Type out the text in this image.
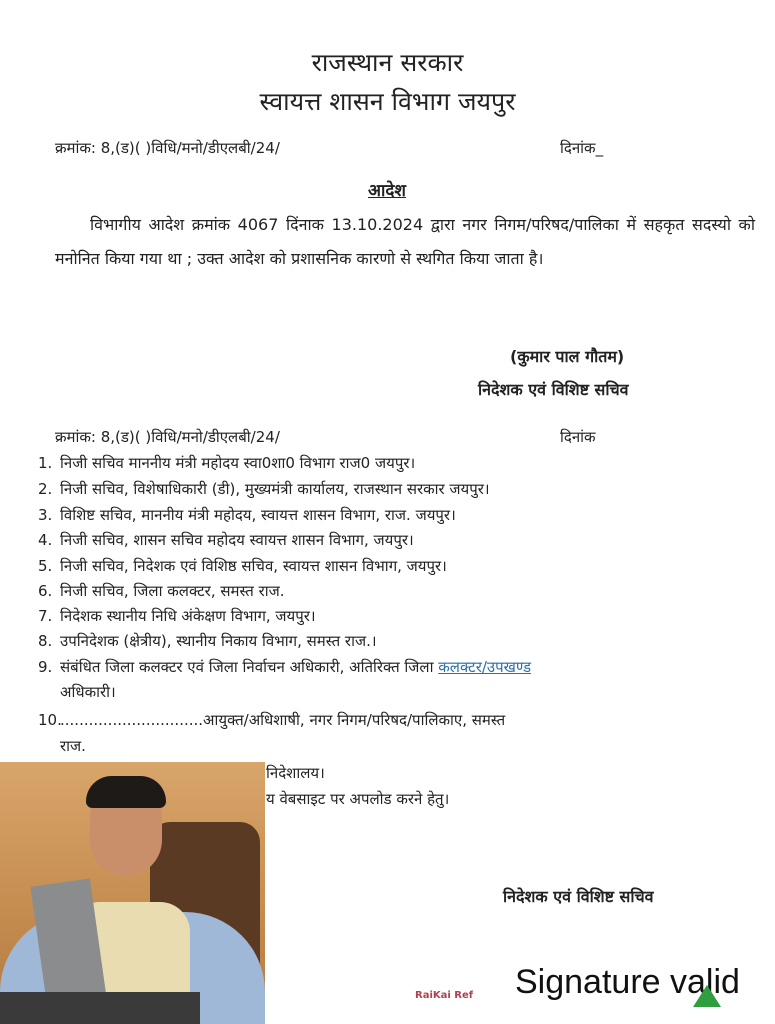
राजस्थान सरकार
स्वायत्त शासन विभाग जयपुर
क्रमांक: 8,(ड)( )विधि/मनो/डीएलबी/24/	दिनांक_
आदेश
विभागीय आदेश क्रमांक 4067 दिंनाक 13.10.2024 द्वारा नगर निगम/परिषद/पालिका में सहकृत सदस्यो को मनोनित किया गया था ; उक्त आदेश को प्रशासनिक कारणो से स्थगित किया जाता है।
(कुमार पाल गौतम)
निदेशक एवं विशिष्ट सचिव
क्रमांक: 8,(ड)( )विधि/मनो/डीएलबी/24/	दिनांक
1. निजी सचिव माननीय मंत्री महोदय स्वा0शा0 विभाग राज0 जयपुर।
2. निजी सचिव, विशेषाधिकारी (डी), मुख्यमंत्री कार्यालय, राजस्थान सरकार जयपुर।
3. विशिष्ट सचिव, माननीय मंत्री महोदय, स्वायत्त शासन विभाग, राज. जयपुर।
4. निजी सचिव, शासन सचिव महोदय स्वायत्त शासन विभाग, जयपुर।
5. निजी सचिव, निदेशक एवं विशिष्ठ सचिव, स्वायत्त शासन विभाग, जयपुर।
6. निजी सचिव, जिला कलक्टर, समस्त राज.
7. निदेशक स्थानीय निधि अंकेक्षण विभाग, जयपुर।
8. उपनिदेशक (क्षेत्रीय), स्थानीय निकाय विभाग, समस्त राज.।
9. संबंधित जिला कलक्टर एवं जिला निर्वाचन अधिकारी, अतिरिक्त जिला कलक्टर/उपखण्ड
अधिकारी।
10...............................आयुक्त/अधिशाषी, नगर निगम/परिषद/पालिकाए, समस्त
राज.
निदेशालय।
य वेबसाइट पर अपलोड करने हेतु।
निदेशक एवं विशिष्ट सचिव
RaiKai Ref Signature valid
